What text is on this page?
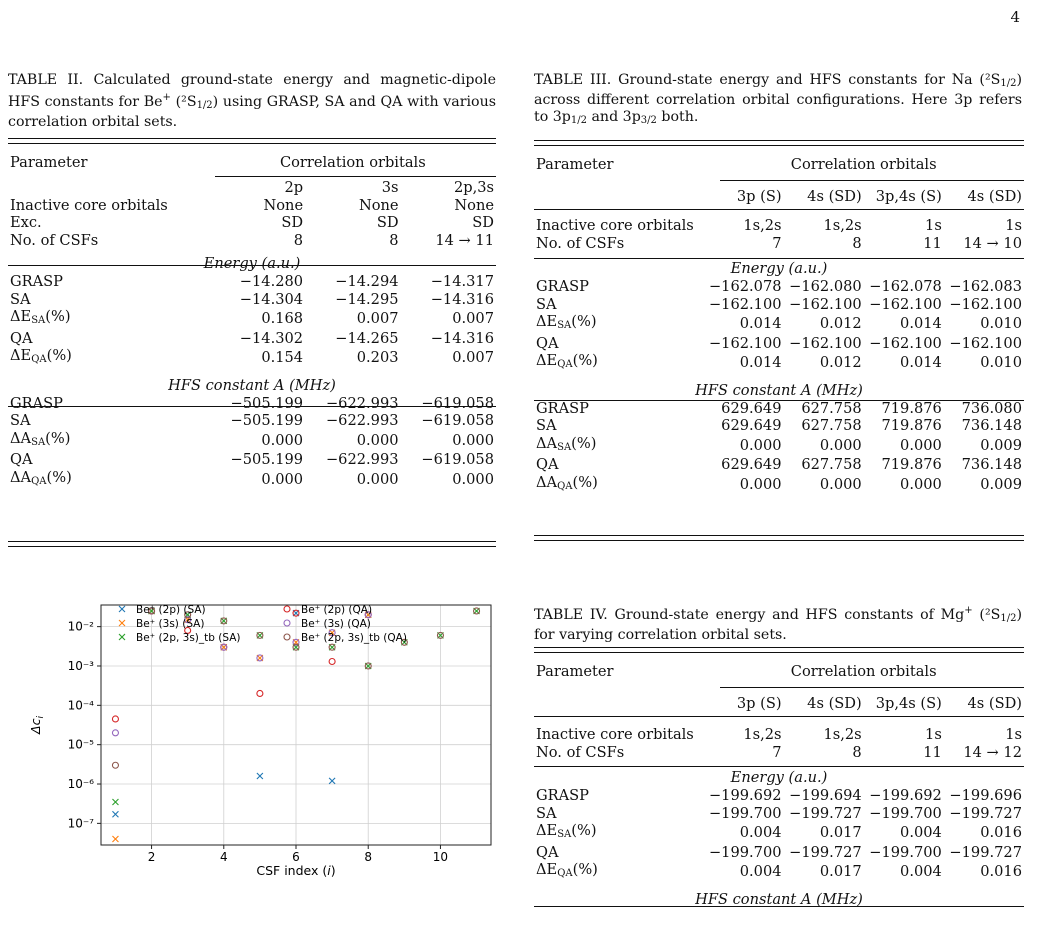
4
TABLE II. Calculated ground-state energy and magnetic-dipole HFS constants for Be+ $(^2S_{1/2})$ using GRASP, SA and QA with various correlation orbital sets.
TABLE III. Ground-state energy and HFS constants for Na $(^2S_{1/2})$ across different correlation orbital configurations. Here 3p refers to $3p_{1/2}$ and $3p_{3/2}$ both.
TABLE IV. Ground-state energy and HFS constants of Mg+ $(^2S_{1/2})$ for varying correlation orbital sets.
Parameter	Correlation orbitals		
	2p	3s	2p,3s
Inactive core orbitals	None	None	None
Exc.	SD	SD	SD
No. of CSFs	8	8	14 → 11
Energy (a.u.)			
GRASP	−14.280	−14.294	−14.317
SA	−14.304	−14.295	−14.316
$\Delta E_{SA}(\%)$	0.168	0.007	0.007
QA	−14.302	−14.265	−14.316
$\Delta E_{QA}(\%)$	0.154	0.203	0.007
HFS constant A (MHz)			
GRASP	−505.199	−622.993	−619.058
SA	−505.199	−622.993	−619.058
$\Delta A_{SA}(\%)$	0.000	0.000	0.000
QA	−505.199	−622.993	−619.058
$\Delta A_{QA}(\%)$	0.000	0.000	0.000
Parameter	Correlation orbitals			
	3p (S)	4s (SD)	3p,4s (S)	4s (SD)
Inactive core orbitals	1s,2s	1s,2s	1s	1s
No. of CSFs	7	8	11	14 → 10
Energy (a.u.)				
GRASP	−162.078	−162.080	−162.078	−162.083
SA	−162.100	−162.100	−162.100	−162.100
$\Delta E_{SA}(\%)$	0.014	0.012	0.014	0.010
QA	−162.100	−162.100	−162.100	−162.100
$\Delta E_{QA}(\%)$	0.014	0.012	0.014	0.010
HFS constant A (MHz)				
GRASP	629.649	627.758	719.876	736.080
SA	629.649	627.758	719.876	736.148
$\Delta A_{SA}(\%)$	0.000	0.000	0.000	0.009
QA	629.649	627.758	719.876	736.148
$\Delta A_{QA}(\%)$	0.000	0.000	0.000	0.009
Parameter	Correlation orbitals			
	3p (S)	4s (SD)	3p,4s (S)	4s (SD)
Inactive core orbitals	1s,2s	1s,2s	1s	1s
No. of CSFs	7	8	11	14 → 12
Energy (a.u.)				
GRASP	−199.692	−199.694	−199.692	−199.696
SA	−199.700	−199.727	−199.700	−199.727
$\Delta E_{SA}(\%)$	0.004	0.017	0.004	0.016
QA	−199.700	−199.727	−199.700	−199.727
$\Delta E_{QA}(\%)$	0.004	0.017	0.004	0.016
HFS constant A (MHz)				
2	4	6	8	10
10⁻⁷
10⁻⁶
10⁻⁵
10⁻⁴
10⁻³
10⁻²
Be⁺ (2p) (SA)
Be⁺ (3s) (SA)
Be⁺ (2p, 3s)_tb (SA)
Be⁺ (2p) (QA)
Be⁺ (3s) (QA)
Be⁺ (2p, 3s)_tb (QA)
CSF index (i)
$\Delta c_i$
